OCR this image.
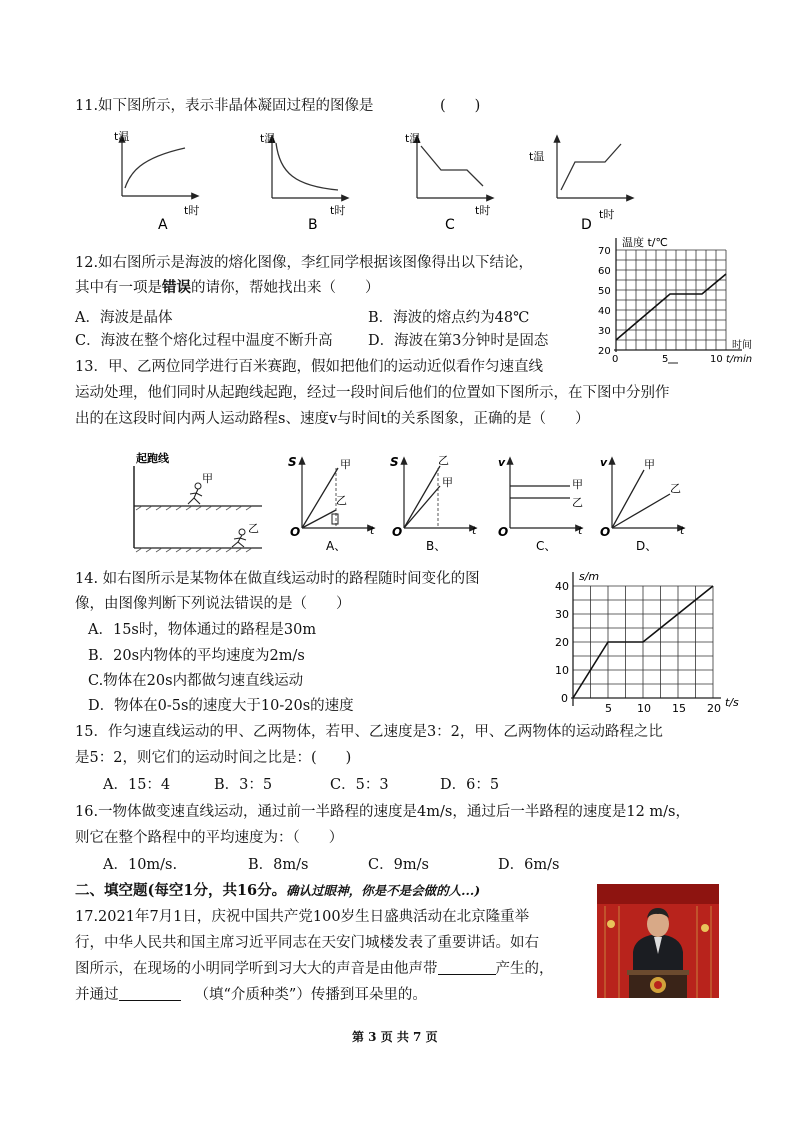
11.如下图所示，表示非晶体凝固过程的图像是	(　　)
t温
t时
A
t温
t时
B
t温
t时
C
t温
t时
D
12.如右图所示是海波的熔化图像，李红同学根据该图像得出以下结论，
其中有一项是错误的请你，帮她找出来（　　）
A．海波是晶体	B．海波的熔点约为48℃
C．海波在整个熔化过程中温度不断升高 D．海波在第3分钟时是固态
温度 t/℃
20
30
40
50
60
70
0	5	10
时间
t/min
13．甲、乙两位同学进行百米赛跑，假如把他们的运动近似看作匀速直线
运动处理，他们同时从起跑线起跑，经过一段时间后他们的位置如下图所示，在下图中分别作
出的在这段时间内两人运动路程s、速度v与时间t的关系图象，正确的是（　　）
起跑线
甲
乙
S
O	t
甲
乙
A、
S
O	t
乙
甲
B、
v
O	t
甲
乙
C、
v
O	t
甲
乙
D、
14. 如右图所示是某物体在做直线运动时的路程随时间变化的图
像，由图像判断下列说法错误的是（　　）
A．15s时，物体通过的路程是30m
B．20s内物体的平均速度为2m/s
C.物体在20s内都做匀速直线运动
D．物体在0-5s的速度大于10-20s的速度	0
10
20
30
40
5 10 15 20
s/m
t/s
15．作匀速直线运动的甲、乙两物体，若甲、乙速度是3：2，甲、乙两物体的运动路程之比
是5：2，则它们的运动时间之比是：(　　)
A．15：4	B．3：5	C．5：3	D．6：5
16.一物体做变速直线运动，通过前一半路程的速度是4m/s，通过后一半路程的速度是12 m/s，
则它在整个路程中的平均速度为：（　　）
A．10m/s.	B．8m/s	C．9m/s	D．6m/s
二、填空题(每空1分，共16分。确认过眼神，你是不是会做的人...)
17.2021年7月1日，庆祝中国共产党100岁生日盛典活动在北京隆重举
行，中华人民共和国主席习近平同志在天安门城楼发表了重要讲话。如右
图所示，在现场的小明同学听到习大大的声音是由他声带	产生的，
并通过	（填“介质种类”）传播到耳朵里的。
第 3 页 共 7 页
